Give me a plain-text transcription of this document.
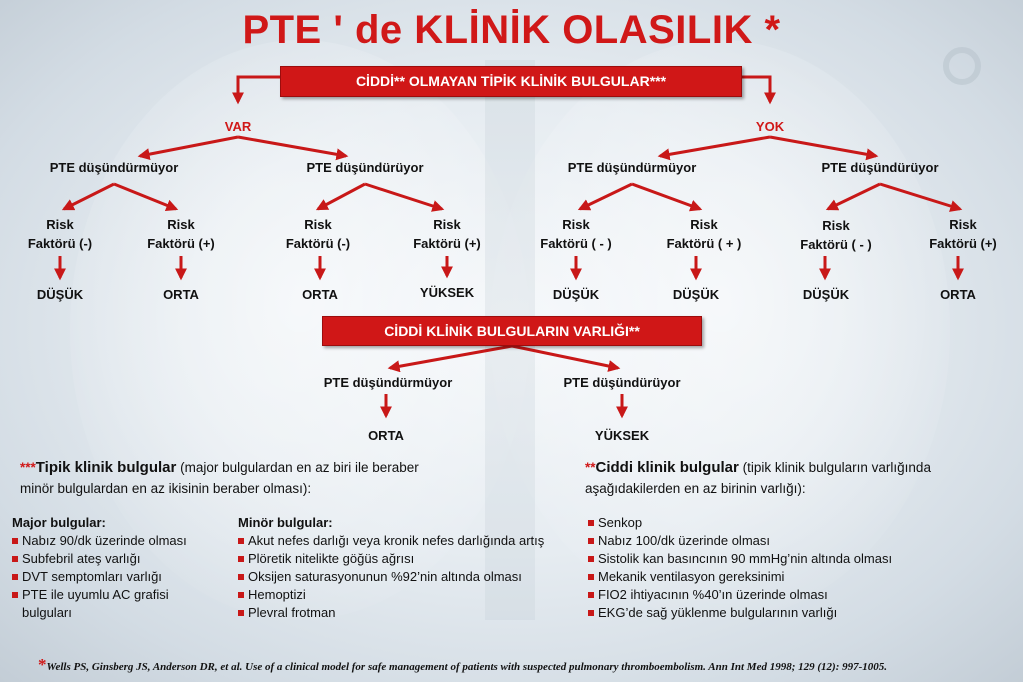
PTE ' de KLİNİK OLASILIK *
CİDDİ** OLMAYAN TİPİK KLİNİK BULGULAR***
VAR	YOK
PTE düşündürmüyor	PTE düşündürüyor	PTE düşündürmüyor	PTE düşündürüyor
Risk
Faktörü (-)
Risk
Faktörü (+)
Risk
Faktörü (-)
Risk
Faktörü (+)
Risk
Faktörü ( - )
Risk
Faktörü ( + )
Risk
Faktörü ( - )
Risk
Faktörü (+)
DÜŞÜK	ORTA	ORTA	YÜKSEK	DÜŞÜK	DÜŞÜK	DÜŞÜK	ORTA
CİDDİ KLİNİK BULGULARIN VARLIĞI**
PTE düşündürmüyor	PTE düşündürüyor
ORTA	YÜKSEK
***Tipik klinik bulgular (major bulgulardan en az biri ile beraber
minör bulgulardan en az ikisinin beraber olması):
**Ciddi klinik bulgular (tipik klinik bulguların varlığında
aşağıdakilerden en az birinin varlığı):
Major bulgular:
Nabız 90/dk üzerinde olması
Subfebril ateş varlığı
DVT semptomları varlığı
PTE ile uyumlu AC grafisi bulguları
Minör bulgular:
Akut nefes darlığı veya kronik nefes darlığında artış
Plöretik nitelikte göğüs ağrısı
Oksijen saturasyonunun %92’nin altında olması
Hemoptizi
Plevral frotman
Senkop
Nabız 100/dk üzerinde olması
Sistolik kan basıncının 90 mmHg’nin altında olması
Mekanik ventilasyon gereksinimi
FIO2 ihtiyacının %40’ın üzerinde olması
EKG’de sağ yüklenme bulgularının varlığı
*Wells PS, Ginsberg JS, Anderson DR, et al. Use of a clinical model for safe management of patients with suspected pulmonary thromboembolism. Ann Int Med 1998; 129 (12): 997-1005.
